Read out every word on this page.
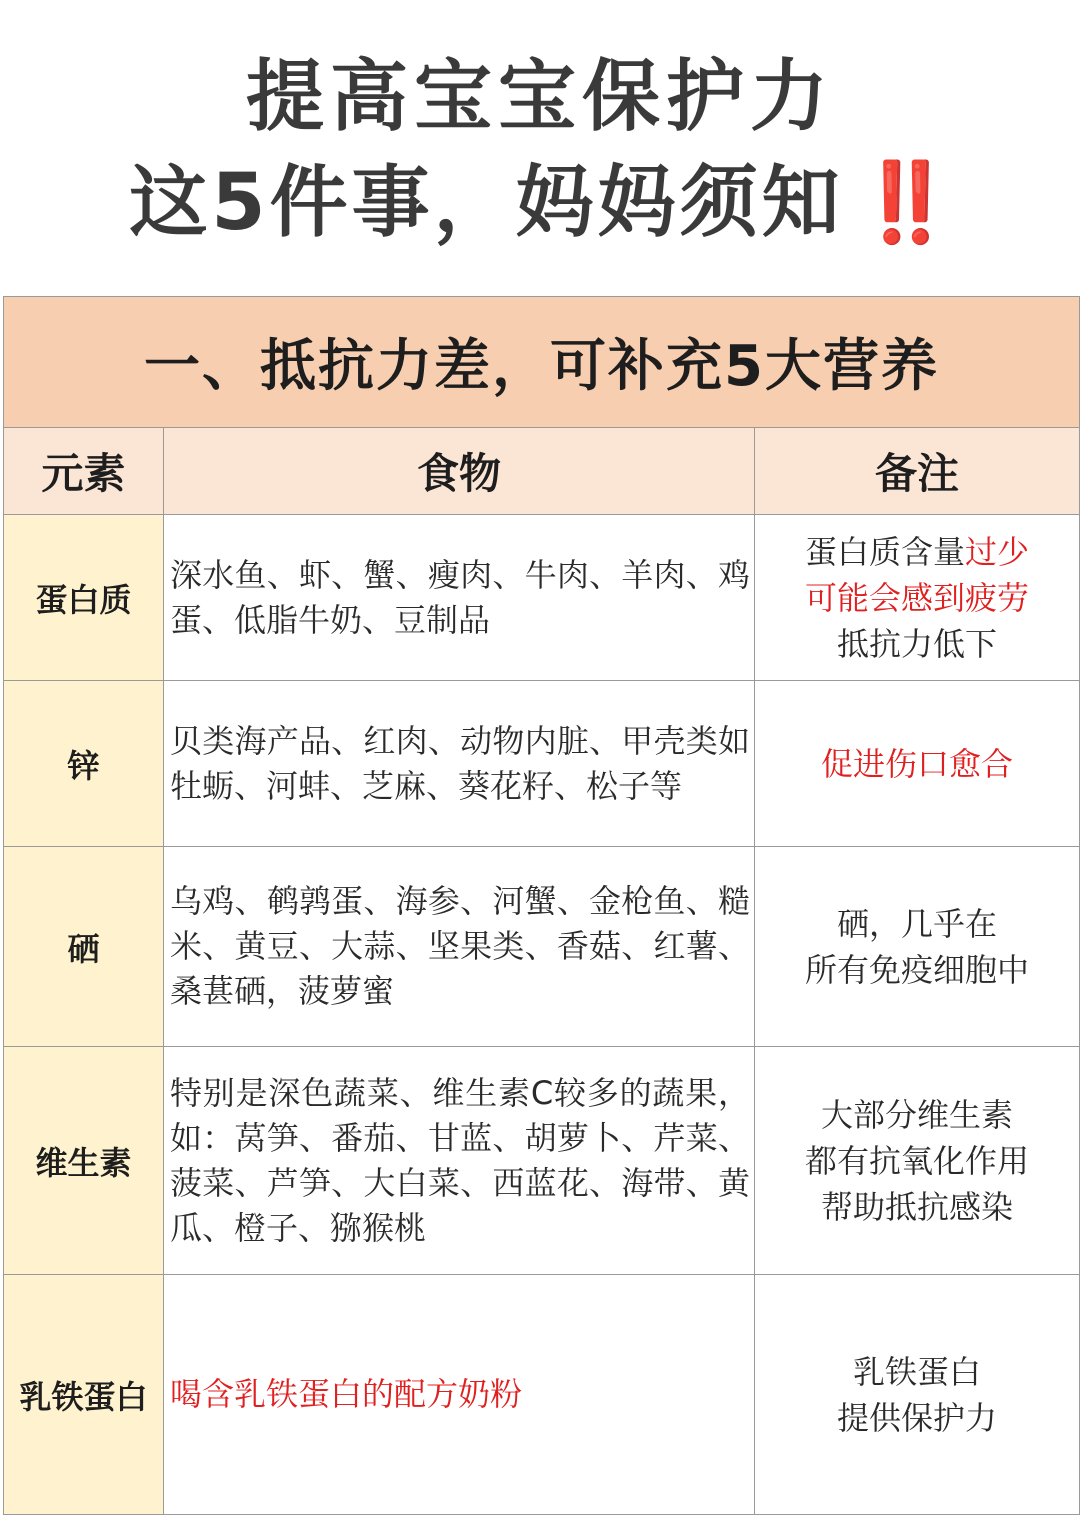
提高宝宝保护力
这5件事，妈妈须知 ‼️
一、抵抗力差，可补充5大营养		
元素	食物	备注
蛋白质	深水鱼、虾、蟹、瘦肉、牛肉、羊肉、鸡蛋、低脂牛奶、豆制品	蛋白质含量过少
可能会感到疲劳
抵抗力低下

锌	贝类海产品、红肉、动物内脏、甲壳类如牡蛎、河蚌、芝麻、葵花籽、松子等	促进伤口愈合

硒	乌鸡、鹌鹑蛋、海参、河蟹、金枪鱼、糙米、黄豆、大蒜、坚果类、香菇、红薯、桑葚硒，菠萝蜜	硒，几乎在
所有免疫细胞中

维生素	特别是深色蔬菜、维生素C较多的蔬果，如：莴笋、番茄、甘蓝、胡萝卜、芹菜、菠菜、芦笋、大白菜、西蓝花、海带、黄瓜、橙子、猕猴桃	大部分维生素
都有抗氧化作用
帮助抵抗感染

乳铁蛋白	喝含乳铁蛋白的配方奶粉	乳铁蛋白
提供保护力
